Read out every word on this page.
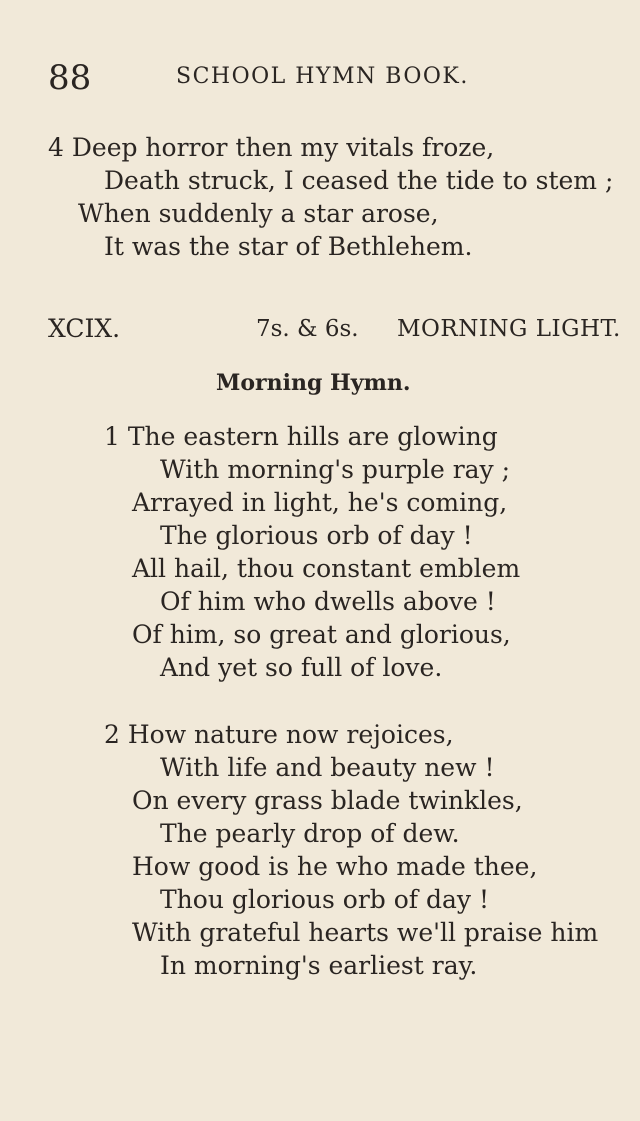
88	SCHOOL HYMN BOOK.
4 Deep horror then my vitals froze,
Death struck, I ceased the tide to stem ;
When suddenly a star arose,
It was the star of Bethlehem.
XCIX.	7s. & 6s. MORNING LIGHT.
Morning Hymn.
1 The eastern hills are glowing
With morning's purple ray ;
Arrayed in light, he's coming,
The glorious orb of day !
All hail, thou constant emblem
Of him who dwells above !
Of him, so great and glorious,
And yet so full of love.
2 How nature now rejoices,
With life and beauty new !
On every grass blade twinkles,
The pearly drop of dew.
How good is he who made thee,
Thou glorious orb of day !
With grateful hearts we'll praise him
In morning's earliest ray.
